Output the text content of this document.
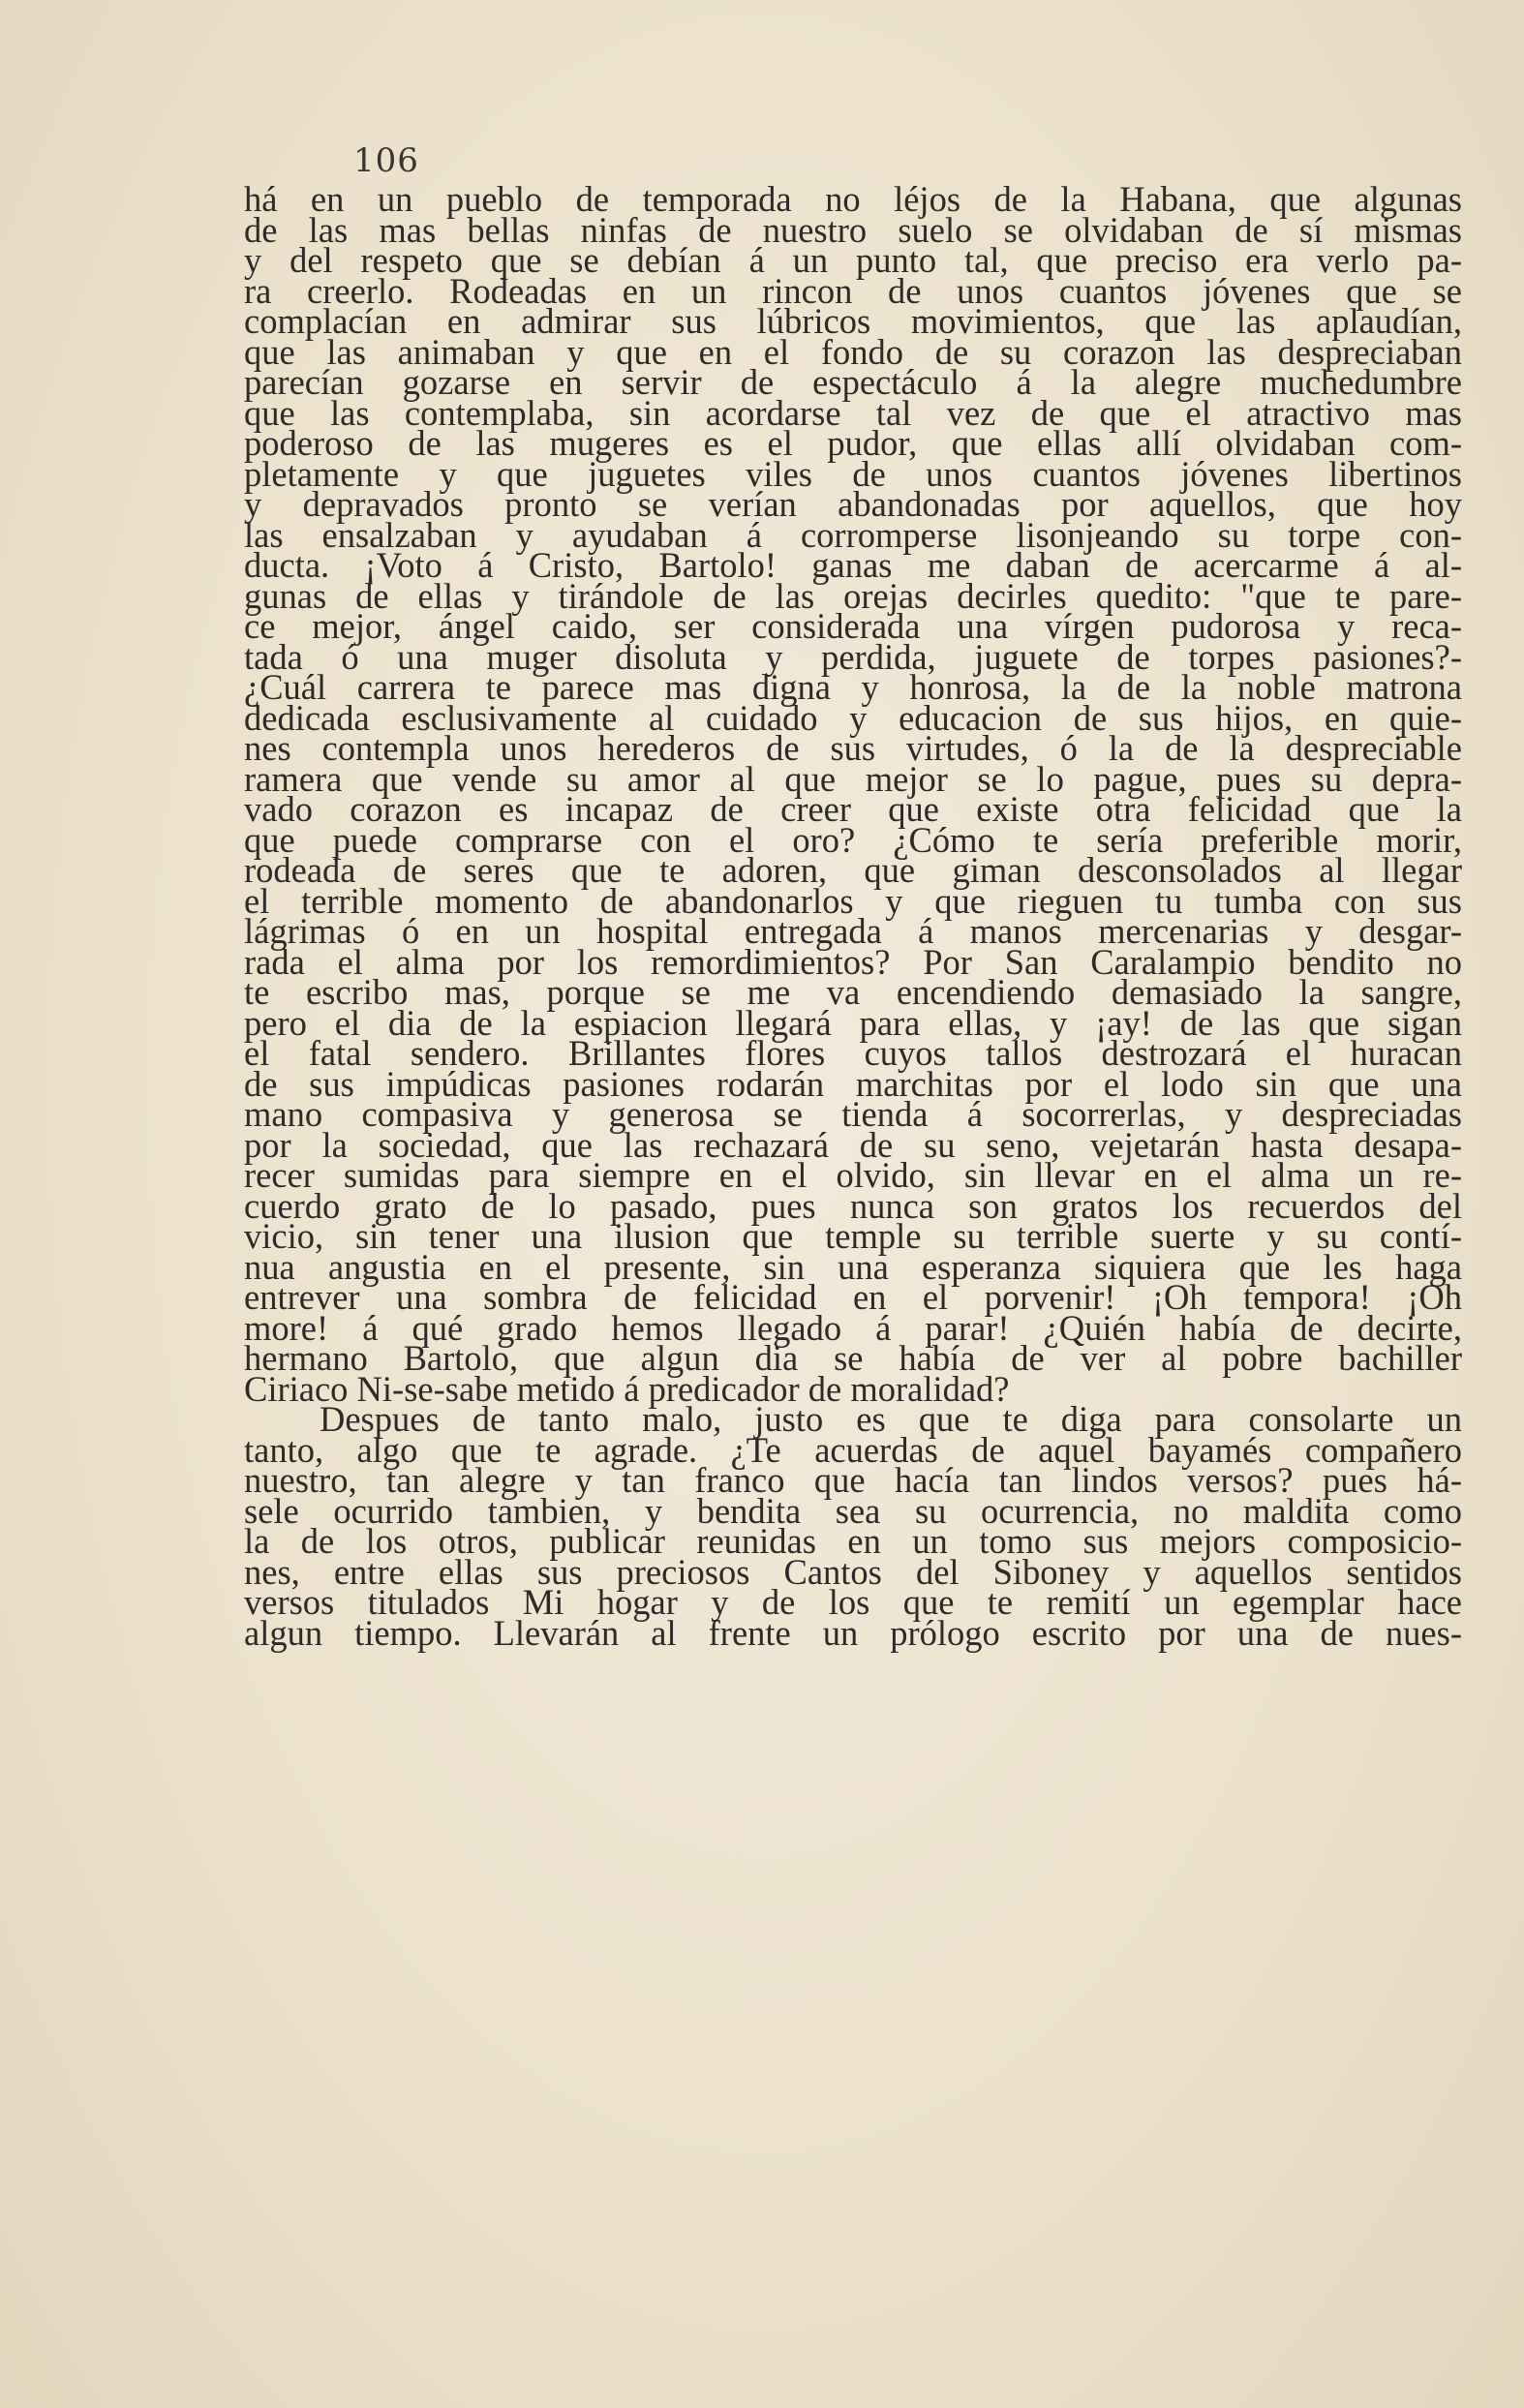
106
há en un pueblo de temporada no léjos de la Habana, que algunas
de las mas bellas ninfas de nuestro suelo se olvidaban de sí mismas
y del respeto que se debían á un punto tal, que preciso era verlo pa-
ra creerlo. Rodeadas en un rincon de unos cuantos jóvenes que se
complacían en admirar sus lúbricos movimientos, que las aplaudían,
que las animaban y que en el fondo de su corazon las despreciaban
parecían gozarse en servir de espectáculo á la alegre muchedumbre
que las contemplaba, sin acordarse tal vez de que el atractivo mas
poderoso de las mugeres es el pudor, que ellas allí olvidaban com-
pletamente y que juguetes viles de unos cuantos jóvenes libertinos
y depravados pronto se verían abandonadas por aquellos, que hoy
las ensalzaban y ayudaban á corromperse lisonjeando su torpe con-
ducta. ¡Voto á Cristo, Bartolo! ganas me daban de acercarme á al-
gunas de ellas y tirándole de las orejas decirles quedito: "que te pare-
ce mejor, ángel caido, ser considerada una vírgen pudorosa y reca-
tada ó una muger disoluta y perdida, juguete de torpes pasiones?-
¿Cuál carrera te parece mas digna y honrosa, la de la noble matrona
dedicada esclusivamente al cuidado y educacion de sus hijos, en quie-
nes contempla unos herederos de sus virtudes, ó la de la despreciable
ramera que vende su amor al que mejor se lo pague, pues su depra-
vado corazon es incapaz de creer que existe otra felicidad que la
que puede comprarse con el oro? ¿Cómo te sería preferible morir,
rodeada de seres que te adoren, que giman desconsolados al llegar
el terrible momento de abandonarlos y que rieguen tu tumba con sus
lágrimas ó en un hospital entregada á manos mercenarias y desgar-
rada el alma por los remordimientos? Por San Caralampio bendito no
te escribo mas, porque se me va encendiendo demasiado la sangre,
pero el dia de la espiacion llegará para ellas, y ¡ay! de las que sigan
el fatal sendero. Brillantes flores cuyos tallos destrozará el huracan
de sus impúdicas pasiones rodarán marchitas por el lodo sin que una
mano compasiva y generosa se tienda á socorrerlas, y despreciadas
por la sociedad, que las rechazará de su seno, vejetarán hasta desapa-
recer sumidas para siempre en el olvido, sin llevar en el alma un re-
cuerdo grato de lo pasado, pues nunca son gratos los recuerdos del
vicio, sin tener una ilusion que temple su terrible suerte y su contí-
nua angustia en el presente, sin una esperanza siquiera que les haga
entrever una sombra de felicidad en el porvenir! ¡Oh tempora! ¡Oh
more! á qué grado hemos llegado á parar! ¿Quién había de decirte,
hermano Bartolo, que algun dia se había de ver al pobre bachiller
Ciriaco Ni-se-sabe metido á predicador de moralidad?
Despues de tanto malo, justo es que te diga para consolarte un
tanto, algo que te agrade. ¿Te acuerdas de aquel bayamés compañero
nuestro, tan alegre y tan franco que hacía tan lindos versos? pues há-
sele ocurrido tambien, y bendita sea su ocurrencia, no maldita como
la de los otros, publicar reunidas en un tomo sus mejors composicio-
nes, entre ellas sus preciosos Cantos del Siboney y aquellos sentidos
versos titulados Mi hogar y de los que te remití un egemplar hace
algun tiempo. Llevarán al frente un prólogo escrito por una de nues-
